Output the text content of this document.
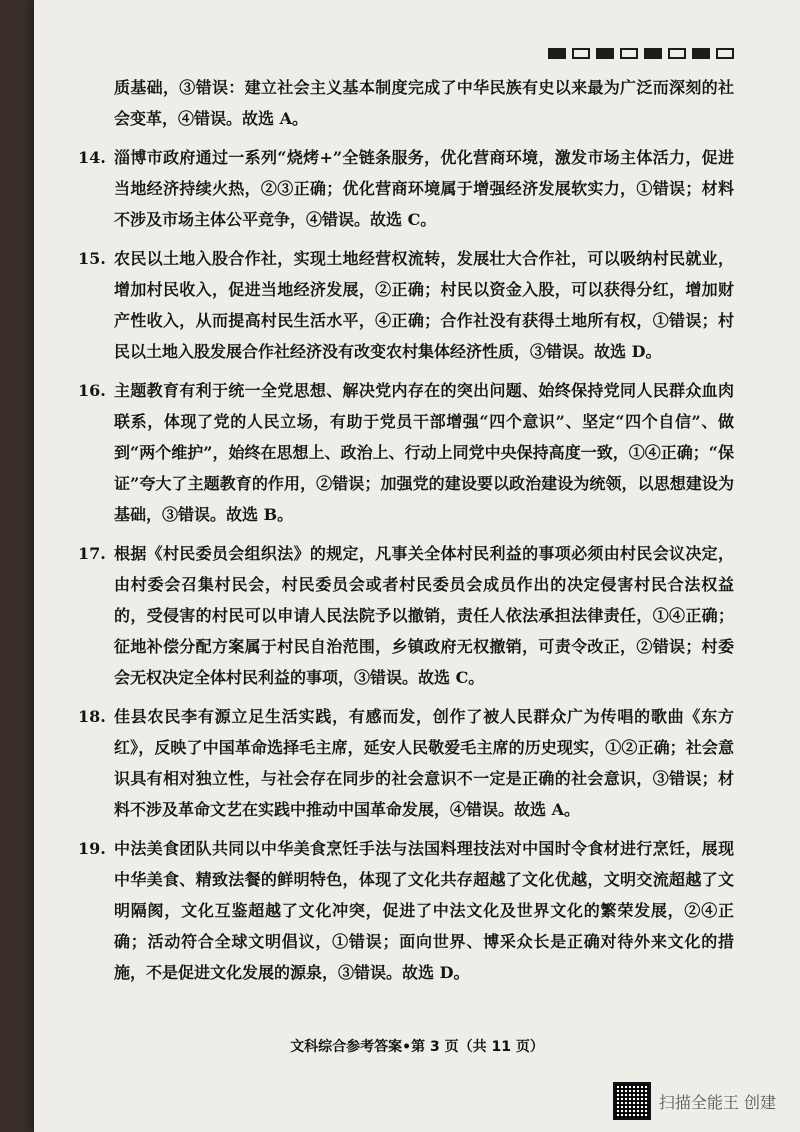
质基础，③错误：建立社会主义基本制度完成了中华民族有史以来最为广泛而深刻的社会变革，④错误。故选 A。
14. 淄博市政府通过一系列“烧烤+”全链条服务，优化营商环境，激发市场主体活力，促进当地经济持续火热，②③正确；优化营商环境属于增强经济发展软实力，①错误；材料不涉及市场主体公平竞争，④错误。故选 C。
15. 农民以土地入股合作社，实现土地经营权流转，发展壮大合作社，可以吸纳村民就业，增加村民收入，促进当地经济发展，②正确；村民以资金入股，可以获得分红，增加财产性收入，从而提高村民生活水平，④正确；合作社没有获得土地所有权，①错误；村民以土地入股发展合作社经济没有改变农村集体经济性质，③错误。故选 D。
16. 主题教育有利于统一全党思想、解决党内存在的突出问题、始终保持党同人民群众血肉联系，体现了党的人民立场，有助于党员干部增强“四个意识”、坚定“四个自信”、做到“两个维护”，始终在思想上、政治上、行动上同党中央保持高度一致，①④正确；“保证”夸大了主题教育的作用，②错误；加强党的建设要以政治建设为统领，以思想建设为基础，③错误。故选 B。
17. 根据《村民委员会组织法》的规定，凡事关全体村民利益的事项必须由村民会议决定，由村委会召集村民会，村民委员会或者村民委员会成员作出的决定侵害村民合法权益的，受侵害的村民可以申请人民法院予以撤销，责任人依法承担法律责任，①④正确；征地补偿分配方案属于村民自治范围，乡镇政府无权撤销，可责令改正，②错误；村委会无权决定全体村民利益的事项，③错误。故选 C。
18. 佳县农民李有源立足生活实践，有感而发，创作了被人民群众广为传唱的歌曲《东方红》，反映了中国革命选择毛主席，延安人民敬爱毛主席的历史现实，①②正确；社会意识具有相对独立性，与社会存在同步的社会意识不一定是正确的社会意识，③错误；材料不涉及革命文艺在实践中推动中国革命发展，④错误。故选 A。
19. 中法美食团队共同以中华美食烹饪手法与法国料理技法对中国时令食材进行烹饪，展现中华美食、精致法餐的鲜明特色，体现了文化共存超越了文化优越，文明交流超越了文明隔阂，文化互鉴超越了文化冲突，促进了中法文化及世界文化的繁荣发展，②④正确；活动符合全球文明倡议，①错误；面向世界、博采众长是正确对待外来文化的措施，不是促进文化发展的源泉，③错误。故选 D。
文科综合参考答案•第 3 页（共 11 页）
扫描全能王 创建
